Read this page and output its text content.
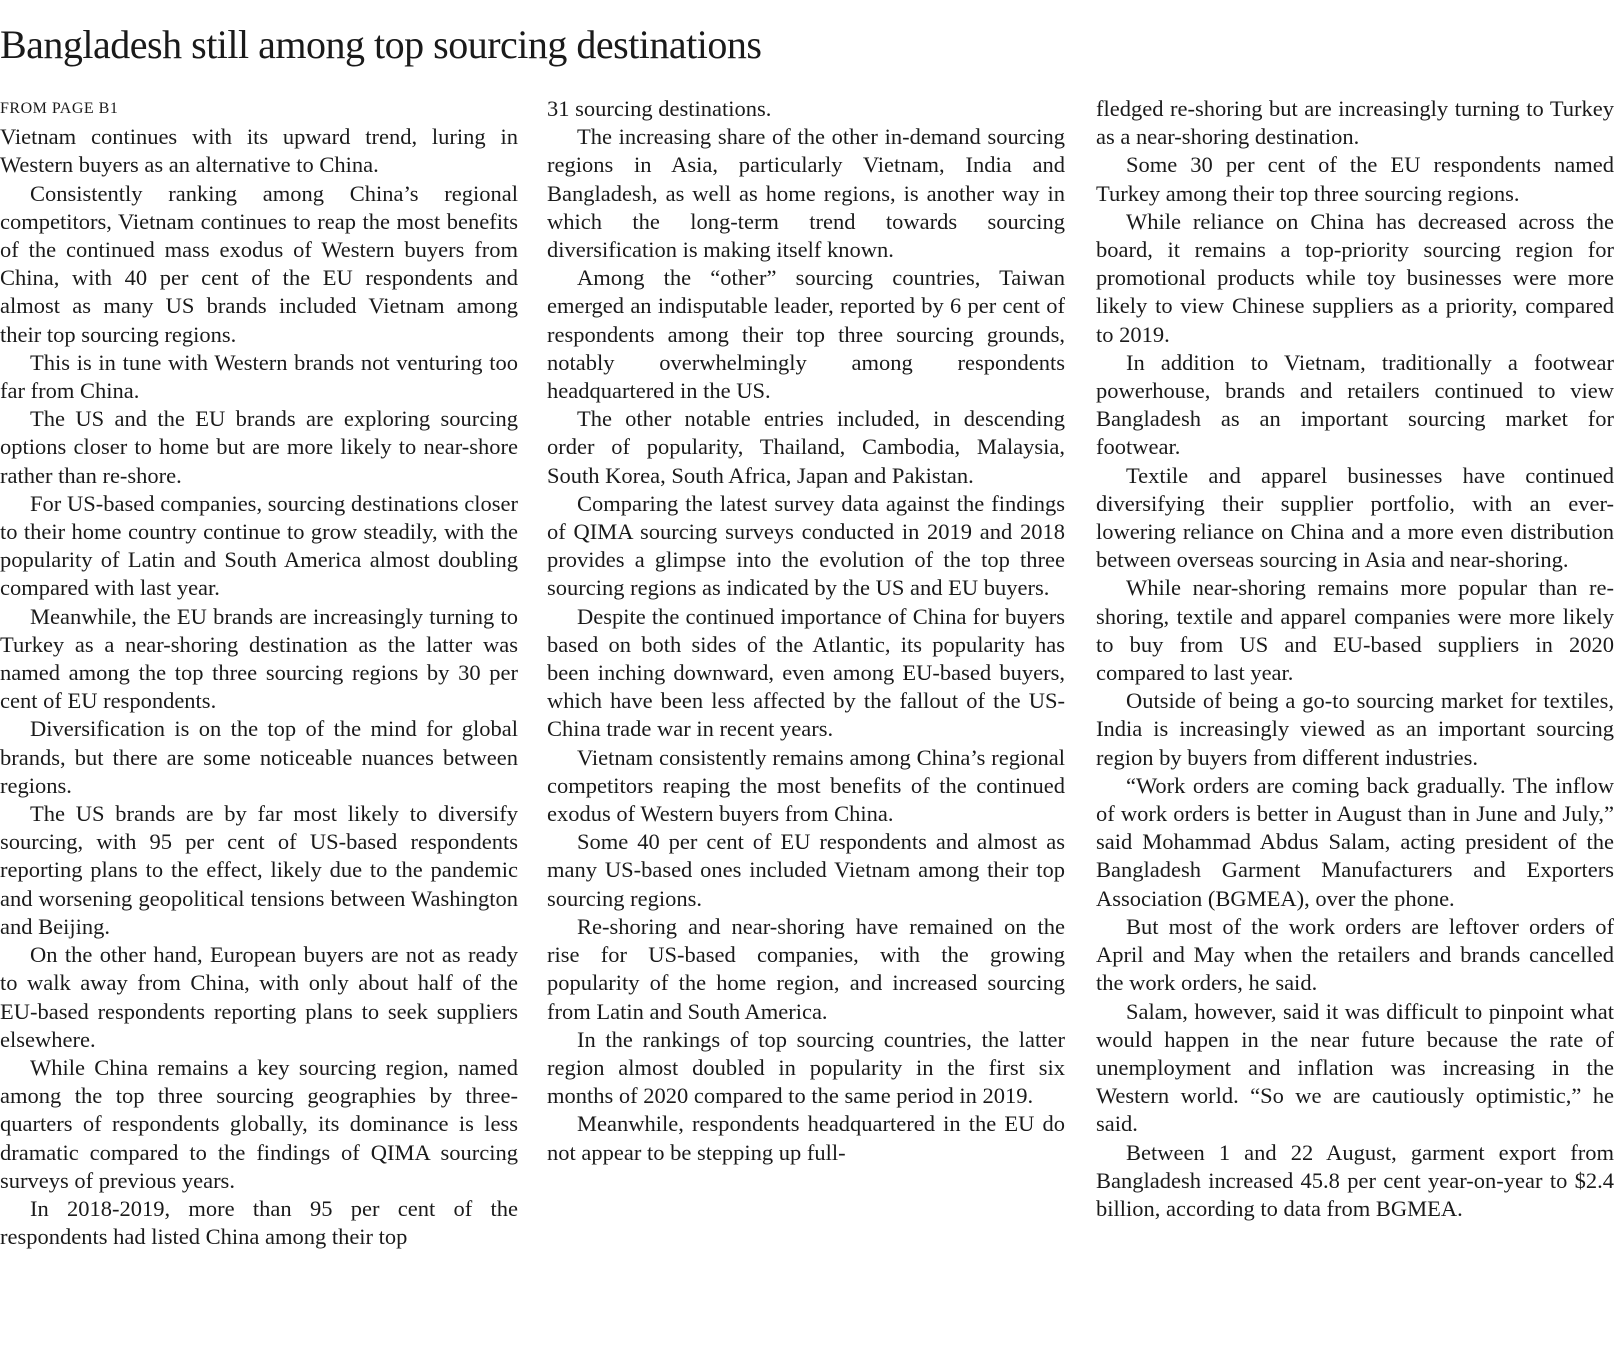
Bangladesh still among top sourcing destinations
FROM PAGE B1

Vietnam continues with its upward trend, luring in Western buyers as an alternative to China.

Consistently ranking among China’s regional competitors, Vietnam continues to reap the most benefits of the continued mass exodus of Western buyers from China, with 40 per cent of the EU respondents and almost as many US brands included Vietnam among their top sourcing regions.

This is in tune with Western brands not venturing too far from China.

The US and the EU brands are exploring sourcing options closer to home but are more likely to near-shore rather than re-shore.

For US-based companies, sourcing destinations closer to their home country continue to grow steadily, with the popularity of Latin and South America almost doubling compared with last year.

Meanwhile, the EU brands are increasingly turning to Turkey as a near-shoring destination as the latter was named among the top three sourcing regions by 30 per cent of EU respondents.

Diversification is on the top of the mind for global brands, but there are some noticeable nuances between regions.

The US brands are by far most likely to diversify sourcing, with 95 per cent of US-based respondents reporting plans to the effect, likely due to the pandemic and worsening geopolitical tensions between Washington and Beijing.

On the other hand, European buyers are not as ready to walk away from China, with only about half of the EU-based respondents reporting plans to seek suppliers elsewhere.

While China remains a key sourcing region, named among the top three sourcing geographies by three-quarters of respondents globally, its dominance is less dramatic compared to the findings of QIMA sourcing surveys of previous years.

In 2018-2019, more than 95 per cent of the respondents had listed China among their top

31 sourcing destinations.

The increasing share of the other in-demand sourcing regions in Asia, particularly Vietnam, India and Bangladesh, as well as home regions, is another way in which the long-term trend towards sourcing diversification is making itself known.

Among the “other” sourcing countries, Taiwan emerged an indisputable leader, reported by 6 per cent of respondents among their top three sourcing grounds, notably overwhelmingly among respondents headquartered in the US.

The other notable entries included, in descending order of popularity, Thailand, Cambodia, Malaysia, South Korea, South Africa, Japan and Pakistan.

Comparing the latest survey data against the findings of QIMA sourcing surveys conducted in 2019 and 2018 provides a glimpse into the evolution of the top three sourcing regions as indicated by the US and EU buyers.

Despite the continued importance of China for buyers based on both sides of the Atlantic, its popularity has been inching downward, even among EU-based buyers, which have been less affected by the fallout of the US-China trade war in recent years.

Vietnam consistently remains among China’s regional competitors reaping the most benefits of the continued exodus of Western buyers from China.

Some 40 per cent of EU respondents and almost as many US-based ones included Vietnam among their top sourcing regions.

Re-shoring and near-shoring have remained on the rise for US-based companies, with the growing popularity of the home region, and increased sourcing from Latin and South America.

In the rankings of top sourcing countries, the latter region almost doubled in popularity in the first six months of 2020 compared to the same period in 2019.

Meanwhile, respondents headquartered in the EU do not appear to be stepping up full-

fledged re-shoring but are increasingly turning to Turkey as a near-shoring destination.

Some 30 per cent of the EU respondents named Turkey among their top three sourcing regions.

While reliance on China has decreased across the board, it remains a top-priority sourcing region for promotional products while toy businesses were more likely to view Chinese suppliers as a priority, compared to 2019.

In addition to Vietnam, traditionally a footwear powerhouse, brands and retailers continued to view Bangladesh as an important sourcing market for footwear.

Textile and apparel businesses have continued diversifying their supplier portfolio, with an ever-lowering reliance on China and a more even distribution between overseas sourcing in Asia and near-shoring.

While near-shoring remains more popular than re-shoring, textile and apparel companies were more likely to buy from US and EU-based suppliers in 2020 compared to last year.

Outside of being a go-to sourcing market for textiles, India is increasingly viewed as an important sourcing region by buyers from different industries.

“Work orders are coming back gradually. The inflow of work orders is better in August than in June and July,” said Mohammad Abdus Salam, acting president of the Bangladesh Garment Manufacturers and Exporters Association (BGMEA), over the phone.

But most of the work orders are leftover orders of April and May when the retailers and brands cancelled the work orders, he said.

Salam, however, said it was difficult to pinpoint what would happen in the near future because the rate of unemployment and inflation was increasing in the Western world. “So we are cautiously optimistic,” he said.

Between 1 and 22 August, garment export from Bangladesh increased 45.8 per cent year-on-year to $2.4 billion, according to data from BGMEA.
